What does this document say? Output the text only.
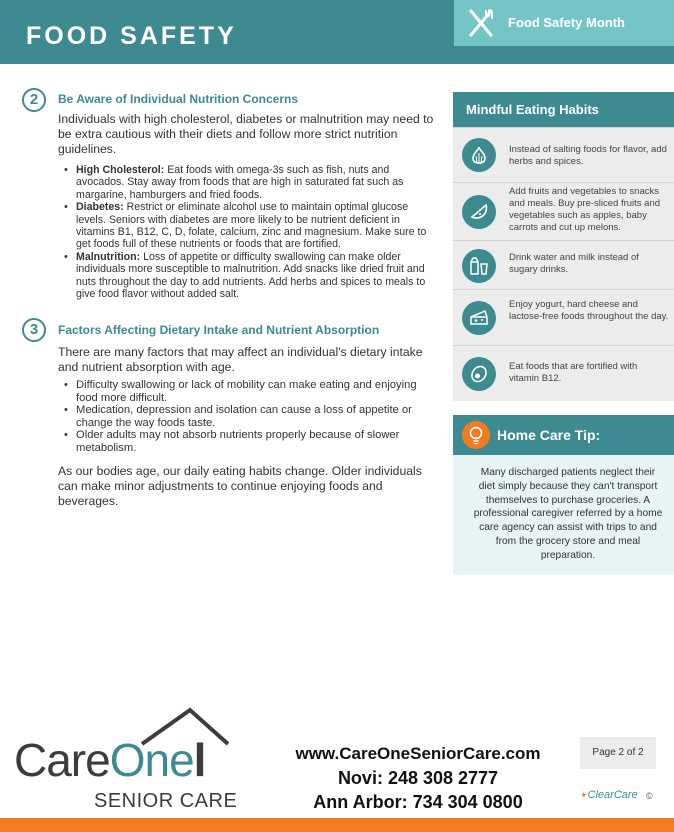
FOOD SAFETY	Food Safety Month
2	Be Aware of Individual Nutrition Concerns
Individuals with high cholesterol, diabetes or malnutrition may need to be extra cautious with their diets and follow more strict nutrition guidelines.
• High Cholesterol: Eat foods with omega-3s such as fish, nuts and avocados. Stay away from foods that are high in saturated fat such as margarine, hamburgers and fried foods.
• Diabetes: Restrict or eliminate alcohol use to maintain optimal glucose levels. Seniors with diabetes are more likely to be nutrient deficient in vitamins B1, B12, C, D, folate, calcium, zinc and magnesium. Make sure to get foods full of these nutrients or foods that are fortified.
• Malnutrition: Loss of appetite or difficulty swallowing can make older individuals more susceptible to malnutrition. Add snacks like dried fruit and nuts throughout the day to add nutrients. Add herbs and spices to meals to give food flavor without added salt.
3	Factors Affecting Dietary Intake and Nutrient Absorption
There are many factors that may affect an individual's dietary intake and nutrient absorption with age.
• Difficulty swallowing or lack of mobility can make eating and enjoying food more difficult.
• Medication, depression and isolation can cause a loss of appetite or change the way foods taste.
• Older adults may not absorb nutrients properly because of slower metabolism.
As our bodies age, our daily eating habits change. Older individuals can make minor adjustments to continue enjoying foods and beverages.
Mindful Eating Habits
Instead of salting foods for flavor, add herbs and spices.
Add fruits and vegetables to snacks and meals. Buy pre-sliced fruits and vegetables such as apples, baby carrots and cut up melons.
Drink water and milk instead of sugary drinks.
Enjoy yogurt, hard cheese and lactose-free foods throughout the day.
Eat foods that are fortified with vitamin B12.
Home Care Tip:
Many discharged patients neglect their diet simply because they can't transport themselves to purchase groceries. A professional caregiver referred by a home care agency can assist with trips to and from the grocery store and meal preparation.
CareOnel
SENIOR CARE
www.CareOneSeniorCare.com
Novi: 248 308 2777
Ann Arbor: 734 304 0800
Page 2 of 2
✦ClearCare ©
